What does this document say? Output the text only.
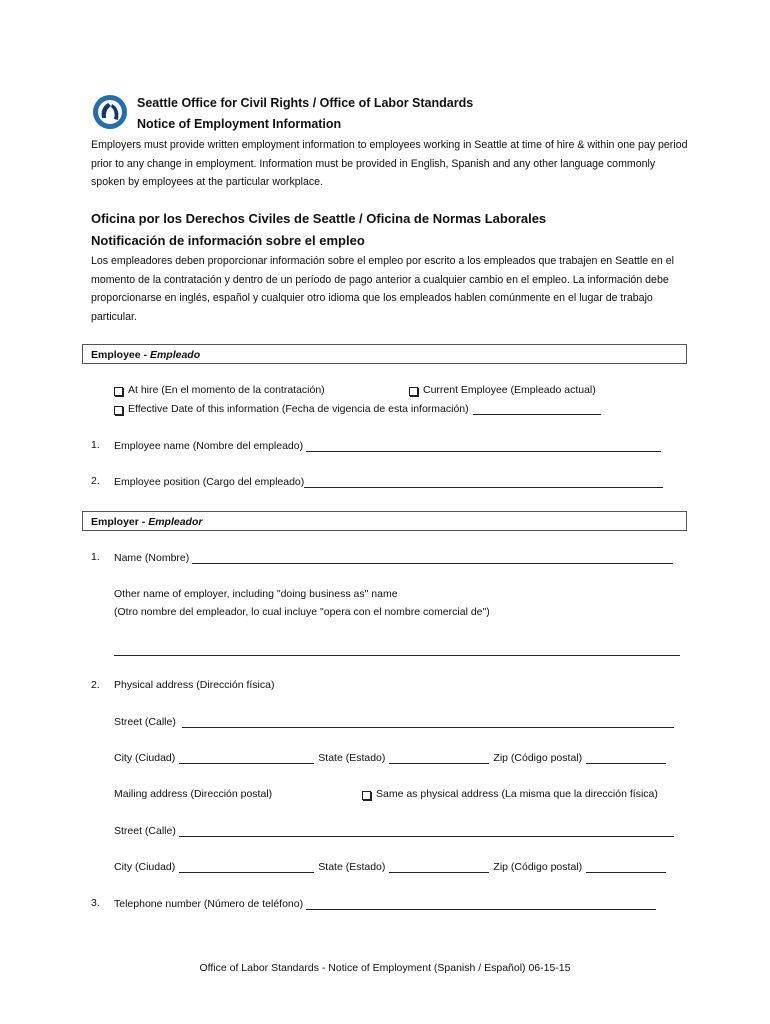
Seattle Office for Civil Rights / Office of Labor Standards
Notice of Employment Information
Employers must provide written employment information to employees working in Seattle at time of hire & within one pay period prior to any change in employment. Information must be provided in English, Spanish and any other language commonly spoken by employees at the particular workplace.
Oficina por los Derechos Civiles de Seattle / Oficina de Normas Laborales
Notificación de información sobre el empleo
Los empleadores deben proporcionar información sobre el empleo por escrito a los empleados que trabajen en Seattle en el momento de la contratación y dentro de un período de pago anterior a cualquier cambio en el empleo. La información debe proporcionarse en inglés, español y cualquier otro idioma que los empleados hablen comúnmente en el lugar de trabajo particular.
Employee - Empleado
At hire (En el momento de la contratación)	Current Employee (Empleado actual)
Effective Date of this information (Fecha de vigencia de esta información)
1. Employee name (Nombre del empleado)
2. Employee position (Cargo del empleado)
Employer - Empleador
1. Name (Nombre)
Other name of employer, including "doing business as" name
(Otro nombre del empleador, lo cual incluye "opera con el nombre comercial de")
2. Physical address (Dirección física)
Street (Calle)
City (Ciudad)	State (Estado)	Zip (Código postal)
Mailing address (Dirección postal)	Same as physical address (La misma que la dirección física)
Street (Calle)
City (Ciudad)	State (Estado)	Zip (Código postal)
3. Telephone number (Número de teléfono)
Office of Labor Standards - Notice of Employment (Spanish / Español) 06-15-15
